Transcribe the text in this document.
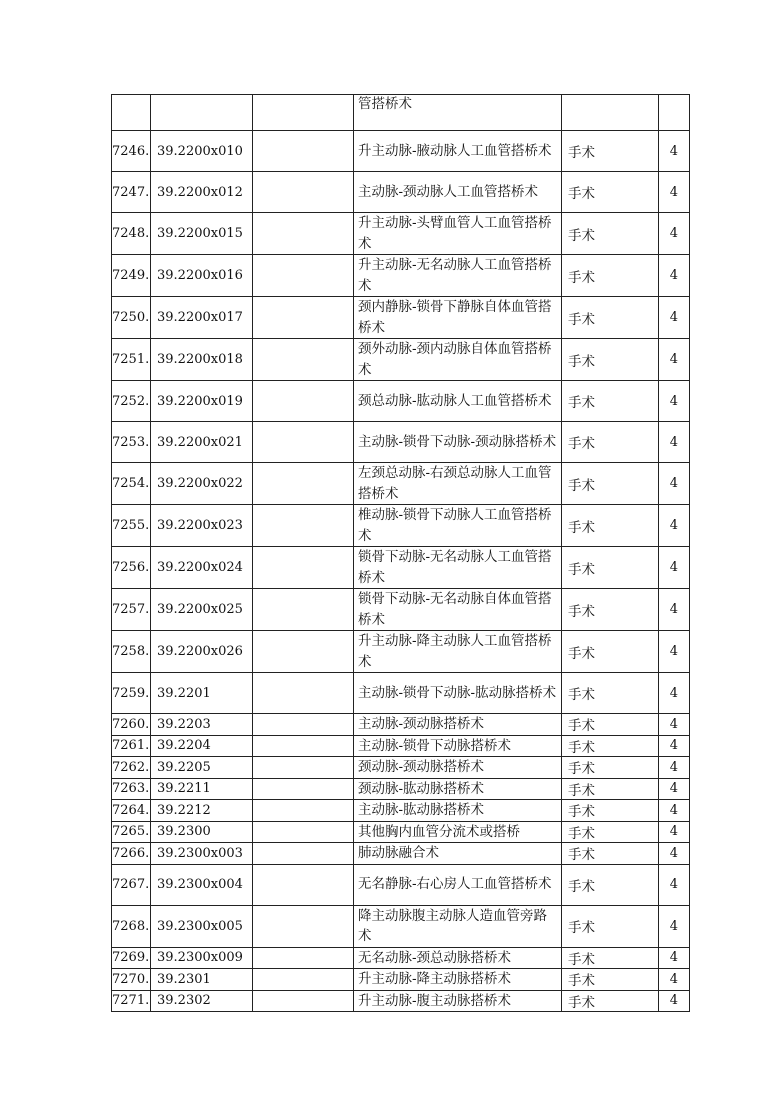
			管搭桥术		
7246.	39.2200x010		升主动脉-腋动脉人工血管搭桥术	手术	4
7247.	39.2200x012		主动脉-颈动脉人工血管搭桥术	手术	4
7248.	39.2200x015		升主动脉-头臂血管人工血管搭桥术	手术	4
7249.	39.2200x016		升主动脉-无名动脉人工血管搭桥术	手术	4
7250.	39.2200x017		颈内静脉-锁骨下静脉自体血管搭桥术	手术	4
7251.	39.2200x018		颈外动脉-颈内动脉自体血管搭桥术	手术	4
7252.	39.2200x019		颈总动脉-肱动脉人工血管搭桥术	手术	4
7253.	39.2200x021		主动脉-锁骨下动脉-颈动脉搭桥术	手术	4
7254.	39.2200x022		左颈总动脉-右颈总动脉人工血管搭桥术	手术	4
7255.	39.2200x023		椎动脉-锁骨下动脉人工血管搭桥术	手术	4
7256.	39.2200x024		锁骨下动脉-无名动脉人工血管搭桥术	手术	4
7257.	39.2200x025		锁骨下动脉-无名动脉自体血管搭桥术	手术	4
7258.	39.2200x026		升主动脉-降主动脉人工血管搭桥术	手术	4
7259.	39.2201		主动脉-锁骨下动脉-肱动脉搭桥术	手术	4
7260.	39.2203		主动脉-颈动脉搭桥术	手术	4
7261.	39.2204		主动脉-锁骨下动脉搭桥术	手术	4
7262.	39.2205		颈动脉-颈动脉搭桥术	手术	4
7263.	39.2211		颈动脉-肱动脉搭桥术	手术	4
7264.	39.2212		主动脉-肱动脉搭桥术	手术	4
7265.	39.2300		其他胸内血管分流术或搭桥	手术	4
7266.	39.2300x003		肺动脉融合术	手术	4
7267.	39.2300x004		无名静脉-右心房人工血管搭桥术	手术	4
7268.	39.2300x005		降主动脉腹主动脉人造血管旁路术	手术	4
7269.	39.2300x009		无名动脉-颈总动脉搭桥术	手术	4
7270.	39.2301		升主动脉-降主动脉搭桥术	手术	4
7271.	39.2302		升主动脉-腹主动脉搭桥术	手术	4
